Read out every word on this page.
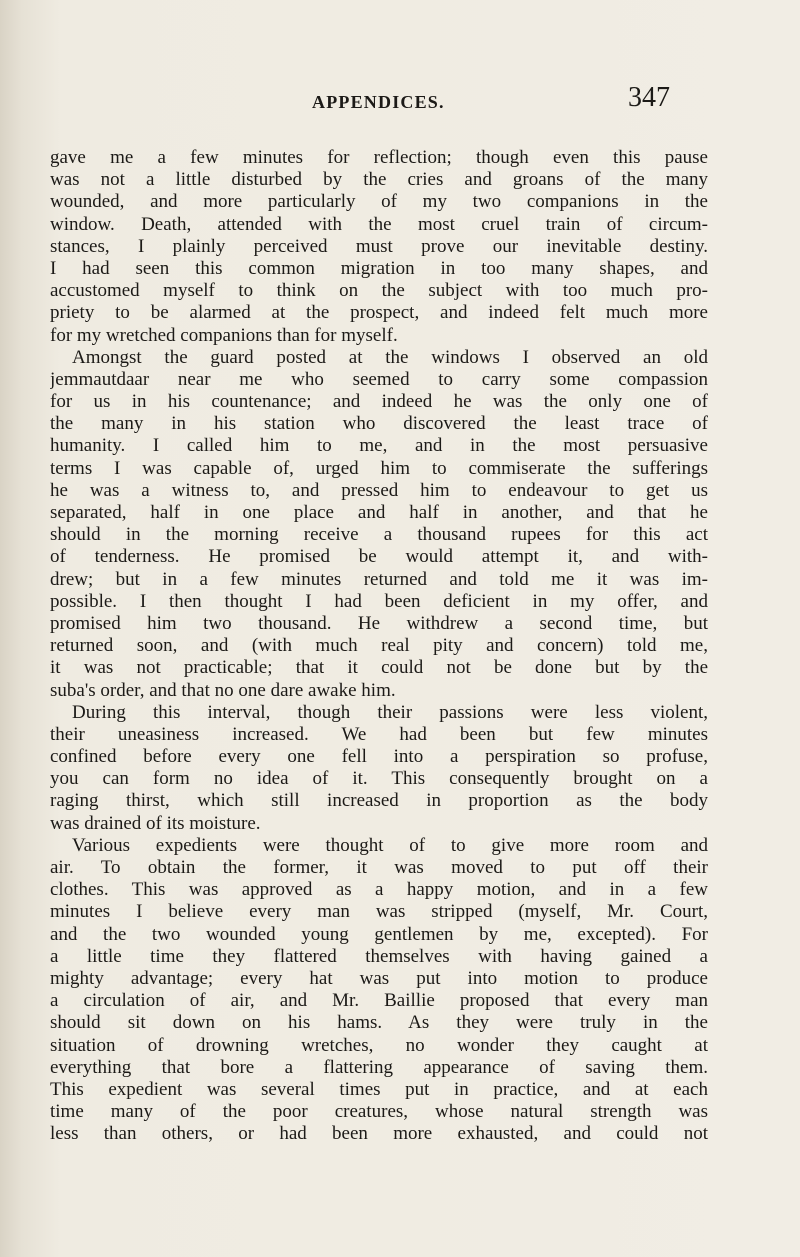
APPENDICES.	347
gave me a few minutes for reflection; though even this pause
was not a little disturbed by the cries and groans of the many
wounded, and more particularly of my two companions in the
window. Death, attended with the most cruel train of circum-
stances, I plainly perceived must prove our inevitable destiny.
I had seen this common migration in too many shapes, and
accustomed myself to think on the subject with too much pro-
priety to be alarmed at the prospect, and indeed felt much more
for my wretched companions than for myself.
Amongst the guard posted at the windows I observed an old
jemmautdaar near me who seemed to carry some compassion
for us in his countenance; and indeed he was the only one of
the many in his station who discovered the least trace of
humanity. I called him to me, and in the most persuasive
terms I was capable of, urged him to commiserate the sufferings
he was a witness to, and pressed him to endeavour to get us
separated, half in one place and half in another, and that he
should in the morning receive a thousand rupees for this act
of tenderness. He promised be would attempt it, and with-
drew; but in a few minutes returned and told me it was im-
possible. I then thought I had been deficient in my offer, and
promised him two thousand. He withdrew a second time, but
returned soon, and (with much real pity and concern) told me,
it was not practicable; that it could not be done but by the
suba's order, and that no one dare awake him.
During this interval, though their passions were less violent,
their uneasiness increased. We had been but few minutes
confined before every one fell into a perspiration so profuse,
you can form no idea of it. This consequently brought on a
raging thirst, which still increased in proportion as the body
was drained of its moisture.
Various expedients were thought of to give more room and
air. To obtain the former, it was moved to put off their
clothes. This was approved as a happy motion, and in a few
minutes I believe every man was stripped (myself, Mr. Court,
and the two wounded young gentlemen by me, excepted). For
a little time they flattered themselves with having gained a
mighty advantage; every hat was put into motion to produce
a circulation of air, and Mr. Baillie proposed that every man
should sit down on his hams. As they were truly in the
situation of drowning wretches, no wonder they caught at
everything that bore a flattering appearance of saving them.
This expedient was several times put in practice, and at each
time many of the poor creatures, whose natural strength was
less than others, or had been more exhausted, and could not
